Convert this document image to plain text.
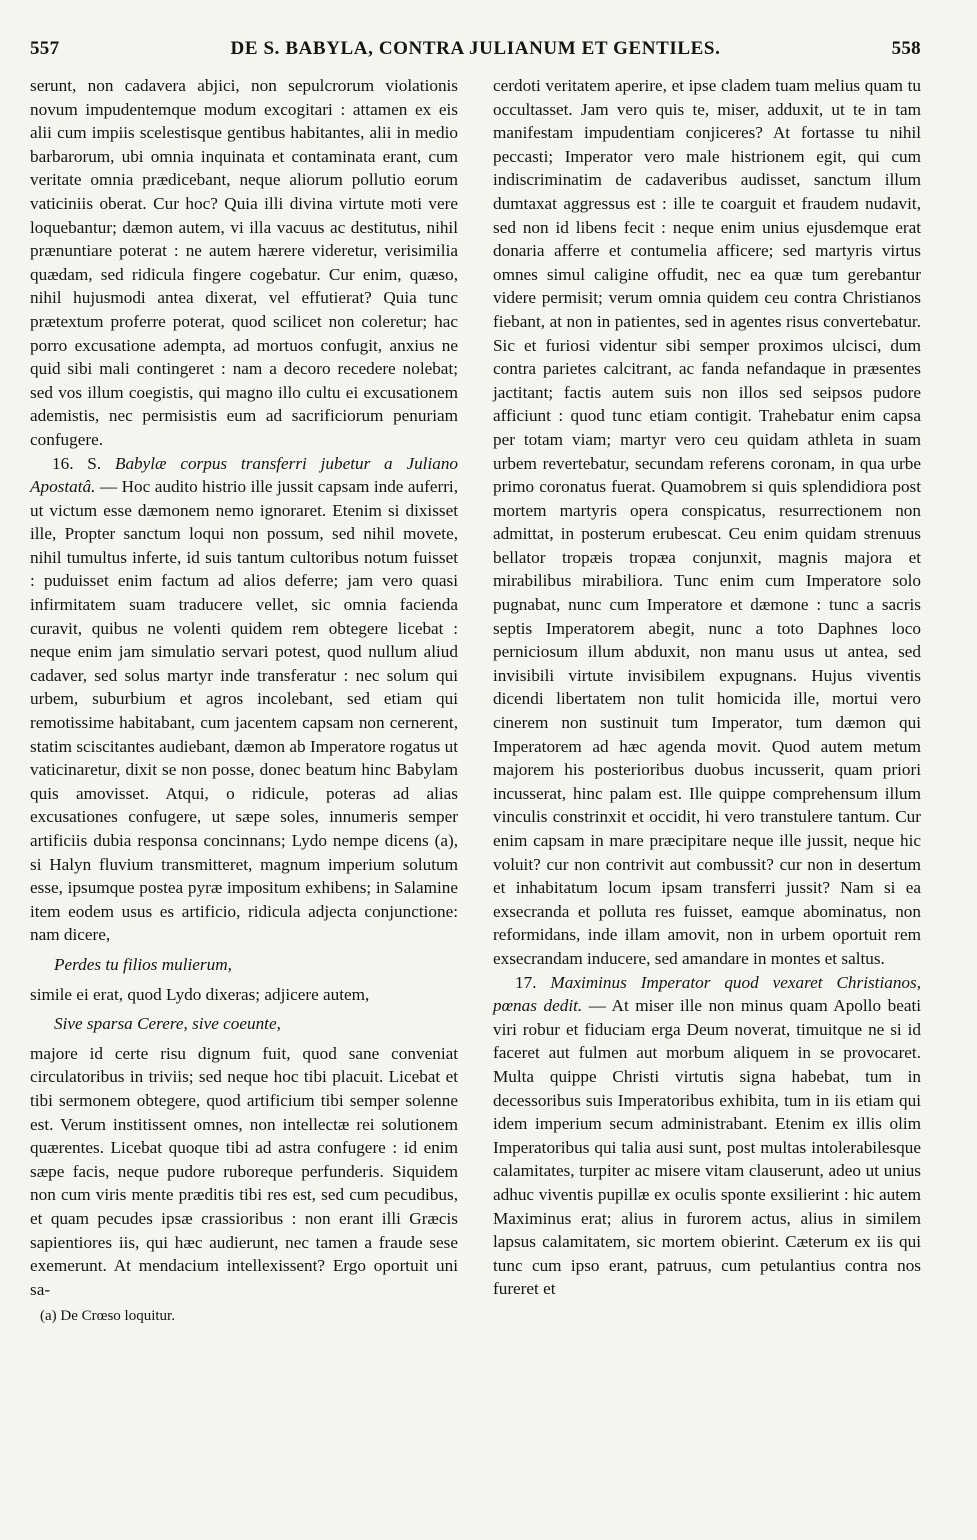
557	DE S. BABYLA, CONTRA JULIANUM ET GENTILES.	558

serunt, non cadavera abjici, non sepulcrorum violationis novum impudentemque modum excogitari : attamen ex eis alii cum impiis scelestisque gentibus habitantes, alii in medio barbarorum, ubi omnia inquinata et contaminata erant, cum veritate omnia prædicebant, neque aliorum pollutio eorum vaticiniis oberat. Cur hoc? Quia illi divina virtute moti vere loquebantur; dæmon autem, vi illa vacuus ac destitutus, nihil prænuntiare poterat : ne autem hærere videretur, verisimilia quædam, sed ridicula fingere cogebatur. Cur enim, quæso, nihil hujusmodi antea dixerat, vel effutierat? Quia tunc prætextum proferre poterat, quod scilicet non coleretur; hac porro excusatione adempta, ad mortuos confugit, anxius ne quid sibi mali contingeret : nam a decoro recedere nolebat; sed vos illum coegistis, qui magno illo cultu ei excusationem ademistis, nec permisistis eum ad sacrificiorum penuriam confugere.

16. S. Babylæ corpus transferri jubetur a Juliano Apostatâ. — Hoc audito histrio ille jussit capsam inde auferri, ut victum esse dæmonem nemo ignoraret. Etenim si dixisset ille, Propter sanctum loqui non possum, sed nihil movete, nihil tumultus inferte, id suis tantum cultoribus notum fuisset : puduisset enim factum ad alios deferre; jam vero quasi infirmitatem suam traducere vellet, sic omnia facienda curavit, quibus ne volenti quidem rem obtegere licebat : neque enim jam simulatio servari potest, quod nullum aliud cadaver, sed solus martyr inde transferatur : nec solum qui urbem, suburbium et agros incolebant, sed etiam qui remotissime habitabant, cum jacentem capsam non cernerent, statim sciscitantes audiebant, dæmon ab Imperatore rogatus ut vaticinaretur, dixit se non posse, donec beatum hinc Babylam quis amovisset. Atqui, o ridicule, poteras ad alias excusationes confugere, ut sæpe soles, innumeris semper artificiis dubia responsa concinnans; Lydo nempe dicens (a), si Halyn fluvium transmitteret, magnum imperium solutum esse, ipsumque postea pyræ impositum exhibens; in Salamine item eodem usus es artificio, ridicula adjecta conjunctione: nam dicere,

Perdes tu filios mulierum,

simile ei erat, quod Lydo dixeras; adjicere autem,

Sive sparsa Cerere, sive coeunte,

majore id certe risu dignum fuit, quod sane conveniat circulatoribus in triviis; sed neque hoc tibi placuit. Licebat et tibi sermonem obtegere, quod artificium tibi semper solenne est. Verum institissent omnes, non intellectæ rei solutionem quærentes. Licebat quoque tibi ad astra confugere : id enim sæpe facis, neque pudore ruboreque perfunderis. Siquidem non cum viris mente præditis tibi res est, sed cum pecudibus, et quam pecudes ipsæ crassioribus : non erant illi Græcis sapientiores iis, qui hæc audierunt, nec tamen a fraude sese exemerunt. At mendacium intellexissent? Ergo oportuit uni sa-

(a) De Crœso loquitur.

cerdoti veritatem aperire, et ipse cladem tuam melius quam tu occultasset. Jam vero quis te, miser, adduxit, ut te in tam manifestam impudentiam conjiceres? At fortasse tu nihil peccasti; Imperator vero male histrionem egit, qui cum indiscriminatim de cadaveribus audisset, sanctum illum dumtaxat aggressus est : ille te coarguit et fraudem nudavit, sed non id libens fecit : neque enim unius ejusdemque erat donaria afferre et contumelia afficere; sed martyris virtus omnes simul caligine offudit, nec ea quæ tum gerebantur videre permisit; verum omnia quidem ceu contra Christianos fiebant, at non in patientes, sed in agentes risus convertebatur. Sic et furiosi videntur sibi semper proximos ulcisci, dum contra parietes calcitrant, ac fanda nefandaque in præsentes jactitant; factis autem suis non illos sed seipsos pudore afficiunt : quod tunc etiam contigit. Trahebatur enim capsa per totam viam; martyr vero ceu quidam athleta in suam urbem revertebatur, secundam referens coronam, in qua urbe primo coronatus fuerat. Quamobrem si quis splendidiora post mortem martyris opera conspicatus, resurrectionem non admittat, in posterum erubescat. Ceu enim quidam strenuus bellator tropæis tropæa conjunxit, magnis majora et mirabilibus mirabiliora. Tunc enim cum Imperatore solo pugnabat, nunc cum Imperatore et dæmone : tunc a sacris septis Imperatorem abegit, nunc a toto Daphnes loco perniciosum illum abduxit, non manu usus ut antea, sed invisibili virtute invisibilem expugnans. Hujus viventis dicendi libertatem non tulit homicida ille, mortui vero cinerem non sustinuit tum Imperator, tum dæmon qui Imperatorem ad hæc agenda movit. Quod autem metum majorem his posterioribus duobus incusserit, quam priori incusserat, hinc palam est. Ille quippe comprehensum illum vinculis constrinxit et occidit, hi vero transtulere tantum. Cur enim capsam in mare præcipitare neque ille jussit, neque hic voluit? cur non contrivit aut combussit? cur non in desertum et inhabitatum locum ipsam transferri jussit? Nam si ea exsecranda et polluta res fuisset, eamque abominatus, non reformidans, inde illam amovit, non in urbem oportuit rem exsecrandam inducere, sed amandare in montes et saltus.

17. Maximinus Imperator quod vexaret Christianos, pœnas dedit. — At miser ille non minus quam Apollo beati viri robur et fiduciam erga Deum noverat, timuitque ne si id faceret aut fulmen aut morbum aliquem in se provocaret. Multa quippe Christi virtutis signa habebat, tum in decessoribus suis Imperatoribus exhibita, tum in iis etiam qui idem imperium secum administrabant. Etenim ex illis olim Imperatoribus qui talia ausi sunt, post multas intolerabilesque calamitates, turpiter ac misere vitam clauserunt, adeo ut unius adhuc viventis pupillæ ex oculis sponte exsilierint : hic autem Maximinus erat; alius in furorem actus, alius in similem lapsus calamitatem, sic mortem obierint. Cæterum ex iis qui tunc cum ipso erant, patruus, cum petulantius contra nos fureret et
